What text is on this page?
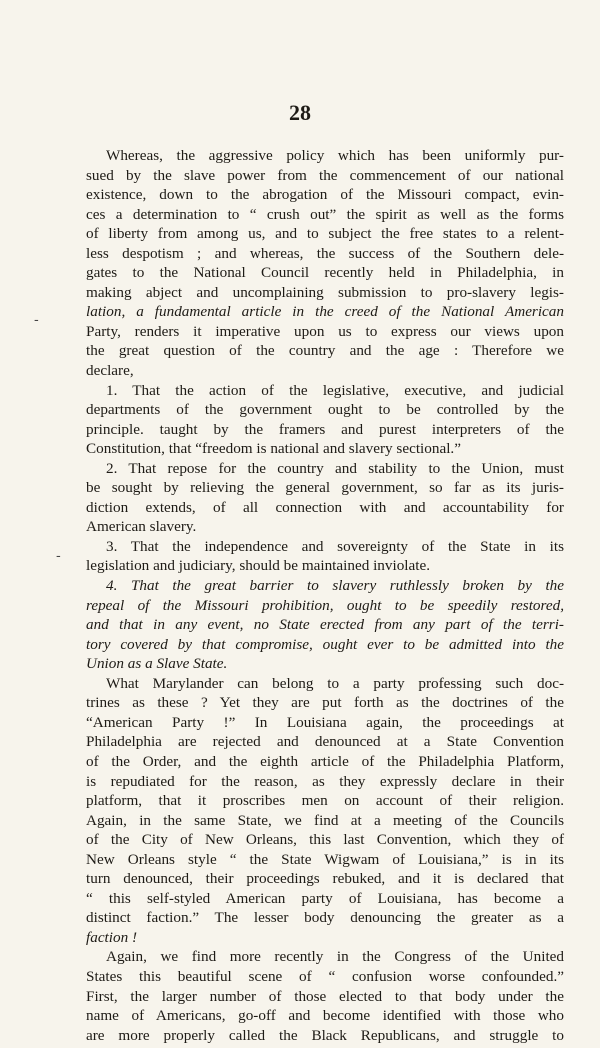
28
Whereas, the aggressive policy which has been uniformly pur-
sued by the slave power from the commencement of our national
existence, down to the abrogation of the Missouri compact, evin-
ces a determination to “ crush out” the spirit as well as the forms
of liberty from among us, and to subject the free states to a relent-
less despotism ; and whereas, the success of the Southern dele-
gates to the National Council recently held in Philadelphia, in
making abject and uncomplaining submission to pro-slavery legis-
lation, a fundamental article in the creed of the National American
Party, renders it imperative upon us to express our views upon
the great question of the country and the age : Therefore we
declare,
1. That the action of the legislative, executive, and judicial
departments of the government ought to be controlled by the
principle. taught by the framers and purest interpreters of the
Constitution, that “freedom is national and slavery sectional.”
2. That repose for the country and stability to the Union, must
be sought by relieving the general government, so far as its juris-
diction extends, of all connection with and accountability for
American slavery.
3. That the independence and sovereignty of the State in its
legislation and judiciary, should be maintained inviolate.
4. That the great barrier to slavery ruthlessly broken by the
repeal of the Missouri prohibition, ought to be speedily restored,
and that in any event, no State erected from any part of the terri-
tory covered by that compromise, ought ever to be admitted into the
Union as a Slave State.
What Marylander can belong to a party professing such doc-
trines as these ? Yet they are put forth as the doctrines of the
“American Party !” In Louisiana again, the proceedings at
Philadelphia are rejected and denounced at a State Convention
of the Order, and the eighth article of the Philadelphia Platform,
is repudiated for the reason, as they expressly declare in their
platform, that it proscribes men on account of their religion.
Again, in the same State, we find at a meeting of the Councils
of the City of New Orleans, this last Convention, which they of
New Orleans style “ the State Wigwam of Louisiana,” is in its
turn denounced, their proceedings rebuked, and it is declared that
“ this self-styled American party of Louisiana, has become a
distinct faction.” The lesser body denouncing the greater as a
faction !
Again, we find more recently in the Congress of the United
States this beautiful scene of “ confusion worse confounded.”
First, the larger number of those elected to that body under the
name of Americans, go-off and become identified with those who
are more properly called the Black Republicans, and struggle to
-
-
